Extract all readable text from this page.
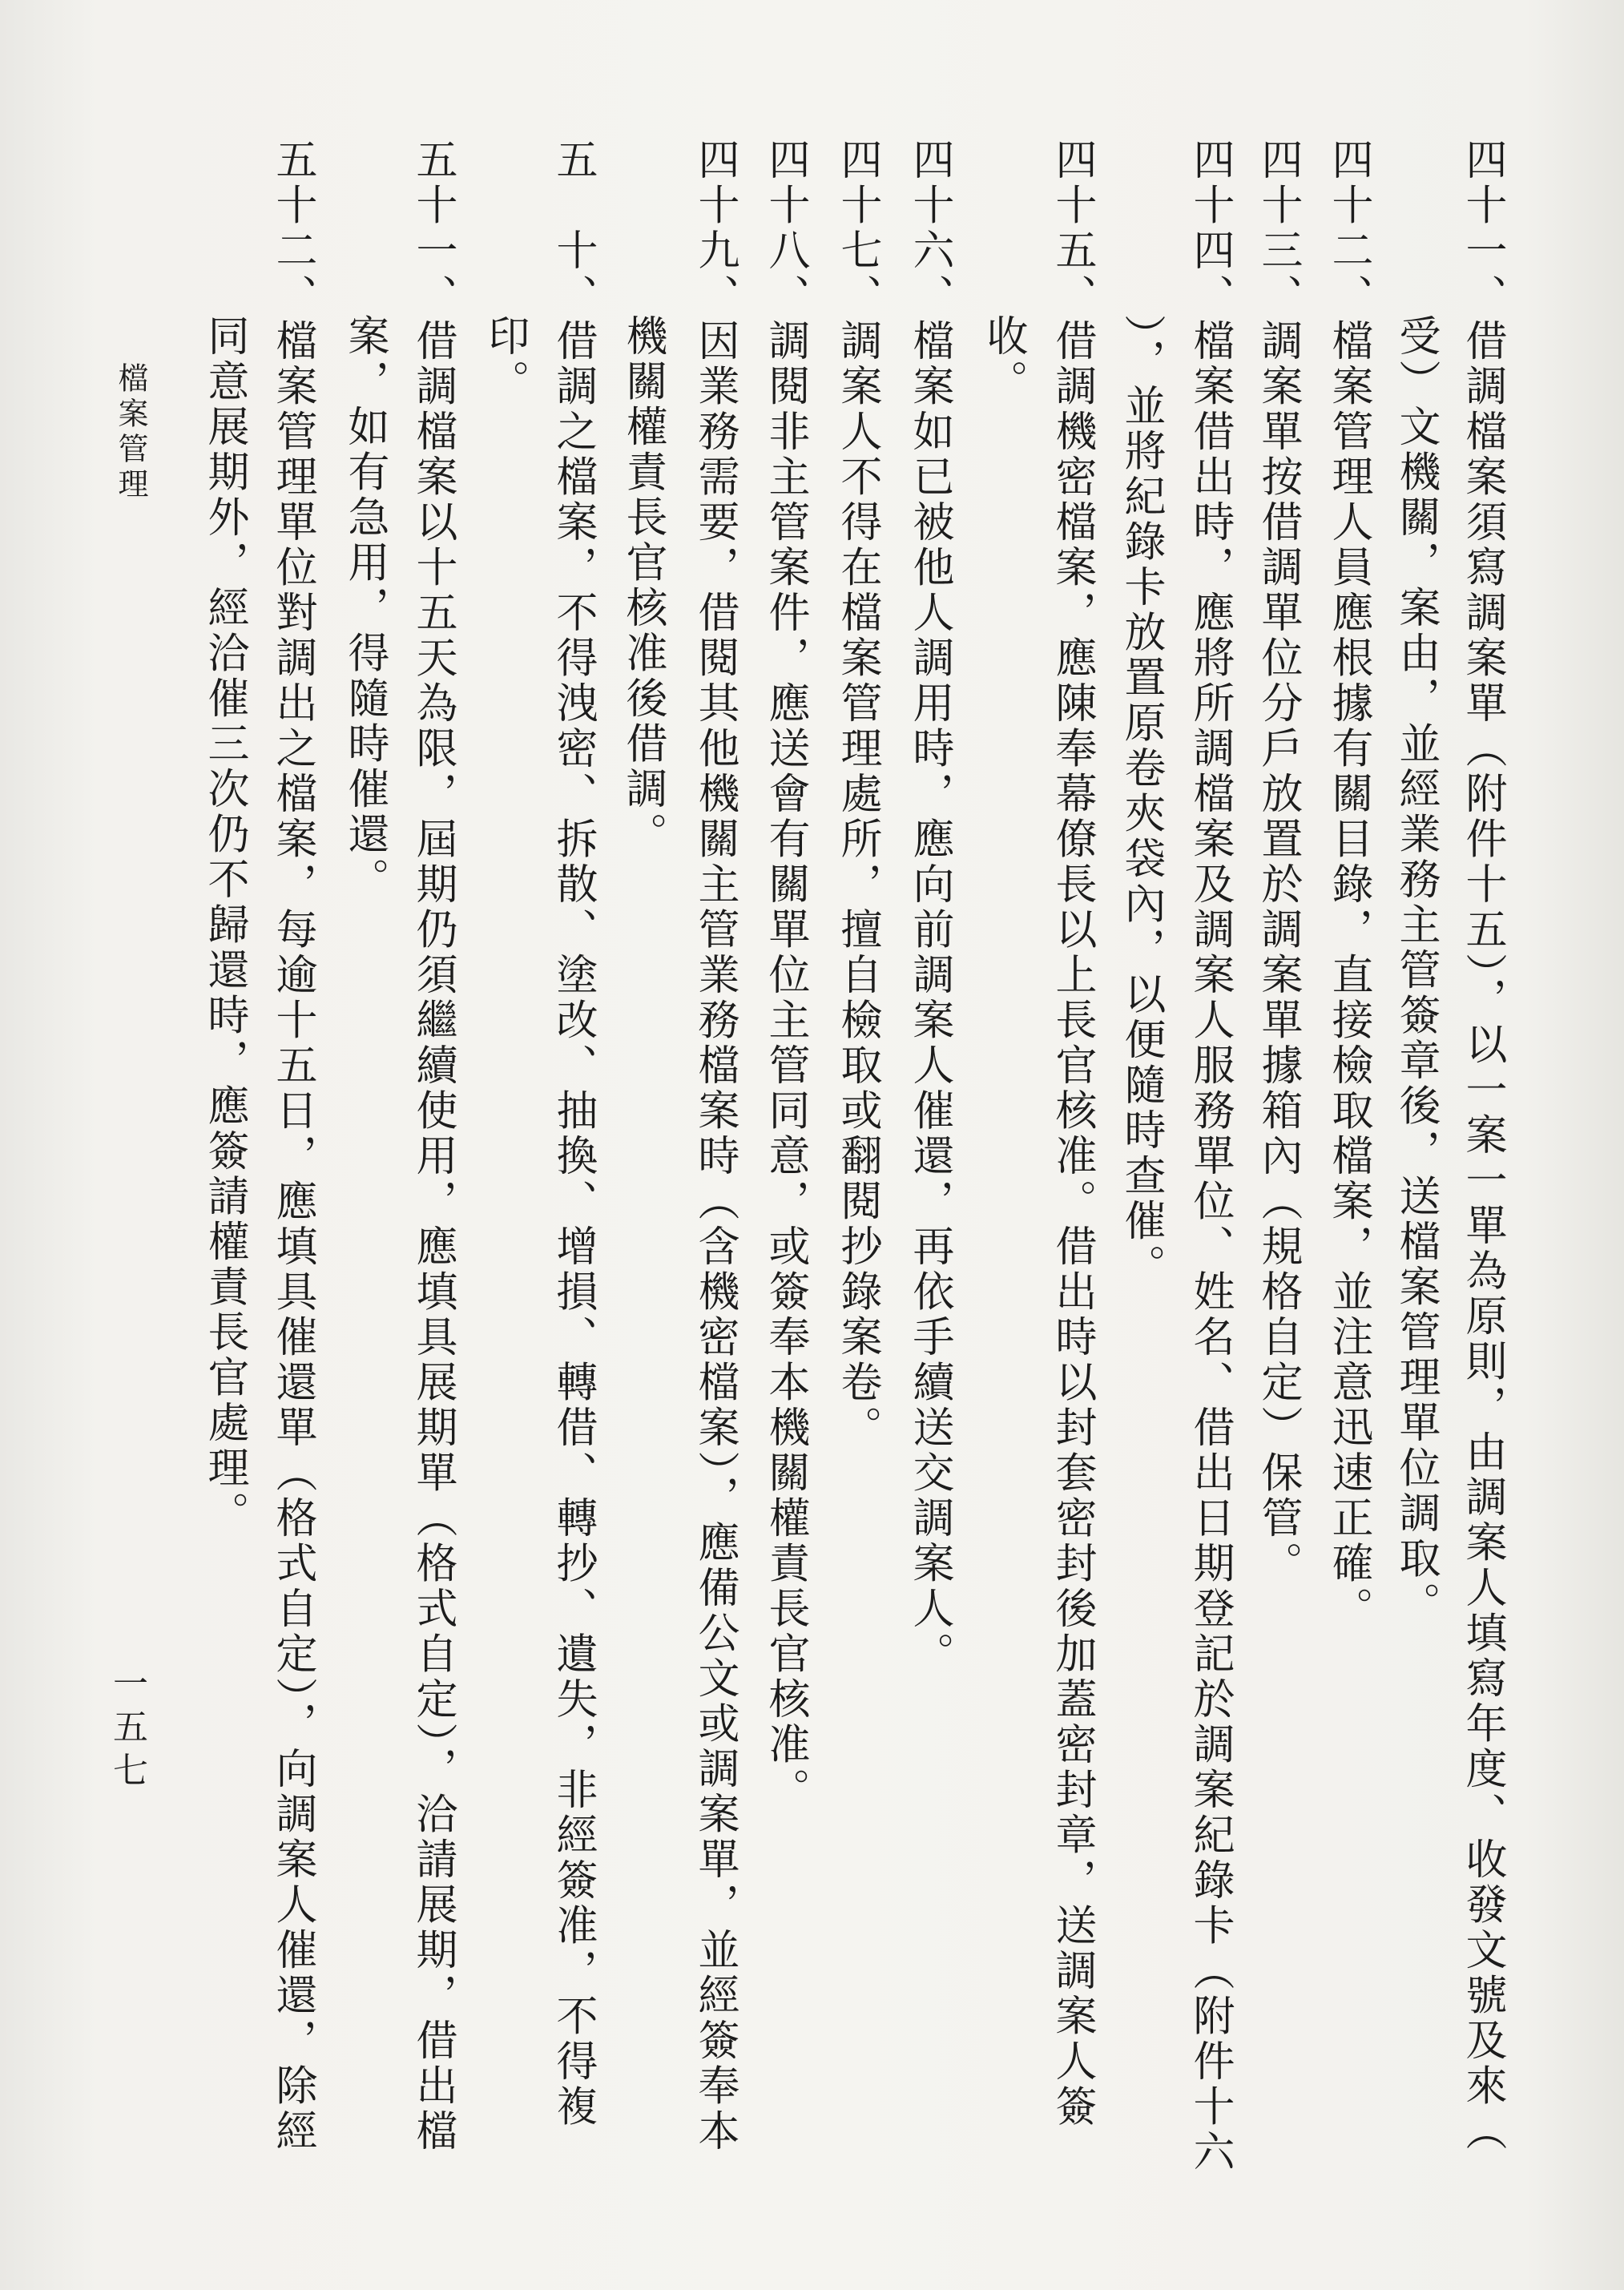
四十一、借調檔案須寫調案單（附件十五），以一案一單為原則，由調案人填寫年度、收發文號及來（
受）文機關，案由，並經業務主管簽章後，送檔案管理單位調取。
四十二、檔案管理人員應根據有關目錄，直接檢取檔案，並注意迅速正確。
四十三、調案單按借調單位分戶放置於調案單據箱內（規格自定）保管。
四十四、檔案借出時，應將所調檔案及調案人服務單位、姓名、借出日期登記於調案紀錄卡（附件十六
），並將紀錄卡放置原卷夾袋內，以便隨時查催。
四十五、借調機密檔案，應陳奉幕僚長以上長官核准。借出時以封套密封後加蓋密封章，送調案人簽
收。
四十六、檔案如已被他人調用時，應向前調案人催還，再依手續送交調案人。
四十七、調案人不得在檔案管理處所，擅自檢取或翻閱抄錄案卷。
四十八、調閱非主管案件，應送會有關單位主管同意，或簽奉本機關權責長官核准。
四十九、因業務需要，借閱其他機關主管業務檔案時（含機密檔案），應備公文或調案單，並經簽奉本
機關權責長官核准後借調。
五　十、借調之檔案，不得洩密、拆散、塗改、抽換、增損、轉借、轉抄、遺失，非經簽准，不得複
印。
五十一、借調檔案以十五天為限，屆期仍須繼續使用，應填具展期單（格式自定），洽請展期，借出檔
案，如有急用，得隨時催還。
五十二、檔案管理單位對調出之檔案，每逾十五日，應填具催還單（格式自定），向調案人催還，除經
同意展期外，經洽催三次仍不歸還時，應簽請權責長官處理。
檔案管理
一五七
